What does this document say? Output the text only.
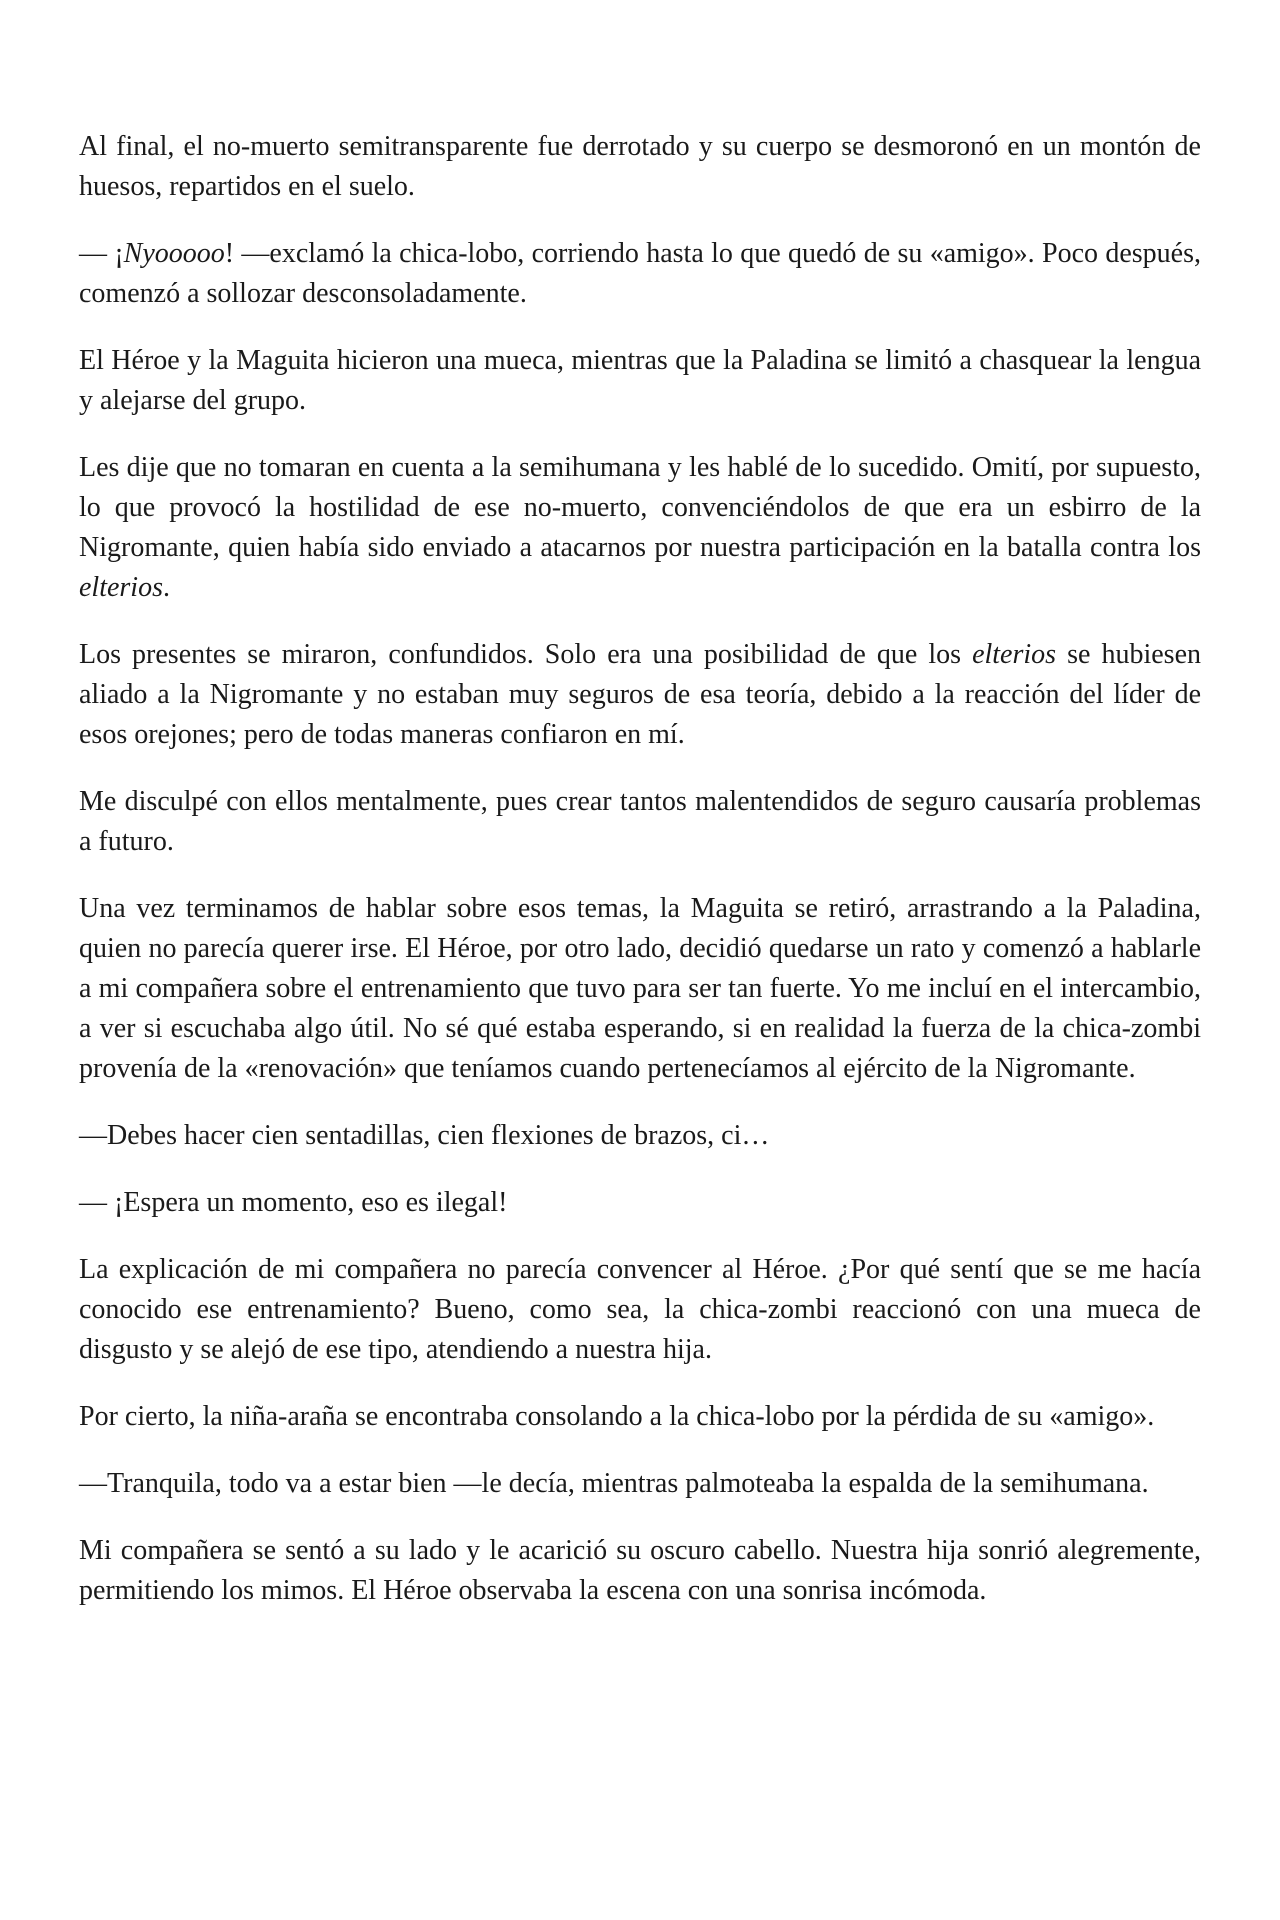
Al final, el no-muerto semitransparente fue derrotado y su cuerpo se desmoronó en un montón de huesos, repartidos en el suelo.

— ¡Nyooooo! —exclamó la chica-lobo, corriendo hasta lo que quedó de su «amigo». Poco después, comenzó a sollozar desconsoladamente.

El Héroe y la Maguita hicieron una mueca, mientras que la Paladina se limitó a chasquear la lengua y alejarse del grupo.

Les dije que no tomaran en cuenta a la semihumana y les hablé de lo sucedido. Omití, por supuesto, lo que provocó la hostilidad de ese no-muerto, convenciéndolos de que era un esbirro de la Nigromante, quien había sido enviado a atacarnos por nuestra participación en la batalla contra los elterios.

Los presentes se miraron, confundidos. Solo era una posibilidad de que los elterios se hubiesen aliado a la Nigromante y no estaban muy seguros de esa teoría, debido a la reacción del líder de esos orejones; pero de todas maneras confiaron en mí.

Me disculpé con ellos mentalmente, pues crear tantos malentendidos de seguro causaría problemas a futuro.

Una vez terminamos de hablar sobre esos temas, la Maguita se retiró, arrastrando a la Paladina, quien no parecía querer irse. El Héroe, por otro lado, decidió quedarse un rato y comenzó a hablarle a mi compañera sobre el entrenamiento que tuvo para ser tan fuerte. Yo me incluí en el intercambio, a ver si escuchaba algo útil. No sé qué estaba esperando, si en realidad la fuerza de la chica-zombi provenía de la «renovación» que teníamos cuando pertenecíamos al ejército de la Nigromante.

—Debes hacer cien sentadillas, cien flexiones de brazos, ci…

— ¡Espera un momento, eso es ilegal!

La explicación de mi compañera no parecía convencer al Héroe. ¿Por qué sentí que se me hacía conocido ese entrenamiento? Bueno, como sea, la chica-zombi reaccionó con una mueca de disgusto y se alejó de ese tipo, atendiendo a nuestra hija.

Por cierto, la niña-araña se encontraba consolando a la chica-lobo por la pérdida de su «amigo».

—Tranquila, todo va a estar bien —le decía, mientras palmoteaba la espalda de la semihumana.

Mi compañera se sentó a su lado y le acarició su oscuro cabello. Nuestra hija sonrió alegremente, permitiendo los mimos. El Héroe observaba la escena con una sonrisa incómoda.
